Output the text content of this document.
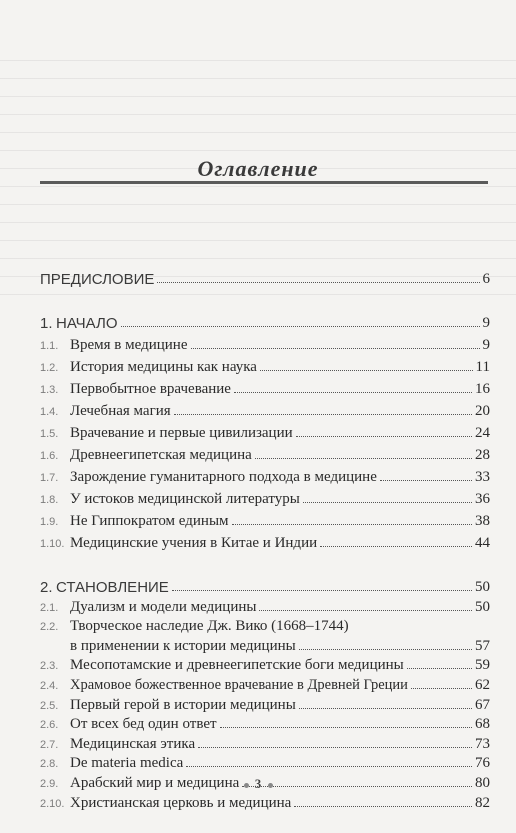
Оглавление
ПРЕДИСЛОВИЕ	6
1. НАЧАЛО	9
1.1. Время в медицине	9
1.2. История медицины как наука	11
1.3. Первобытное врачевание	16
1.4. Лечебная магия	20
1.5. Врачевание и первые цивилизации	24
1.6. Древнеегипетская медицина	28
1.7. Зарождение гуманитарного подхода в медицине	33
1.8. У истоков медицинской литературы	36
1.9. Не Гиппократом единым	38
1.10. Медицинские учения в Китае и Индии	44
2. СТАНОВЛЕНИЕ	50
2.1. Дуализм и модели медицины	50
2.2. Творческое наследие Дж. Вико (1668–1744)
в применении к истории медицины	57
2.3. Месопотамские и древнеегипетские боги медицины	59
2.4. Храмовое божественное врачевание в Древней Греции	62
2.5. Первый герой в истории медицины	67
2.6. От всех бед один ответ	68
2.7. Медицинская этика	73
2.8. De materia medica	76
2.9. Арабский мир и медицина	80
2.10. Христианская церковь и медицина	82
3
